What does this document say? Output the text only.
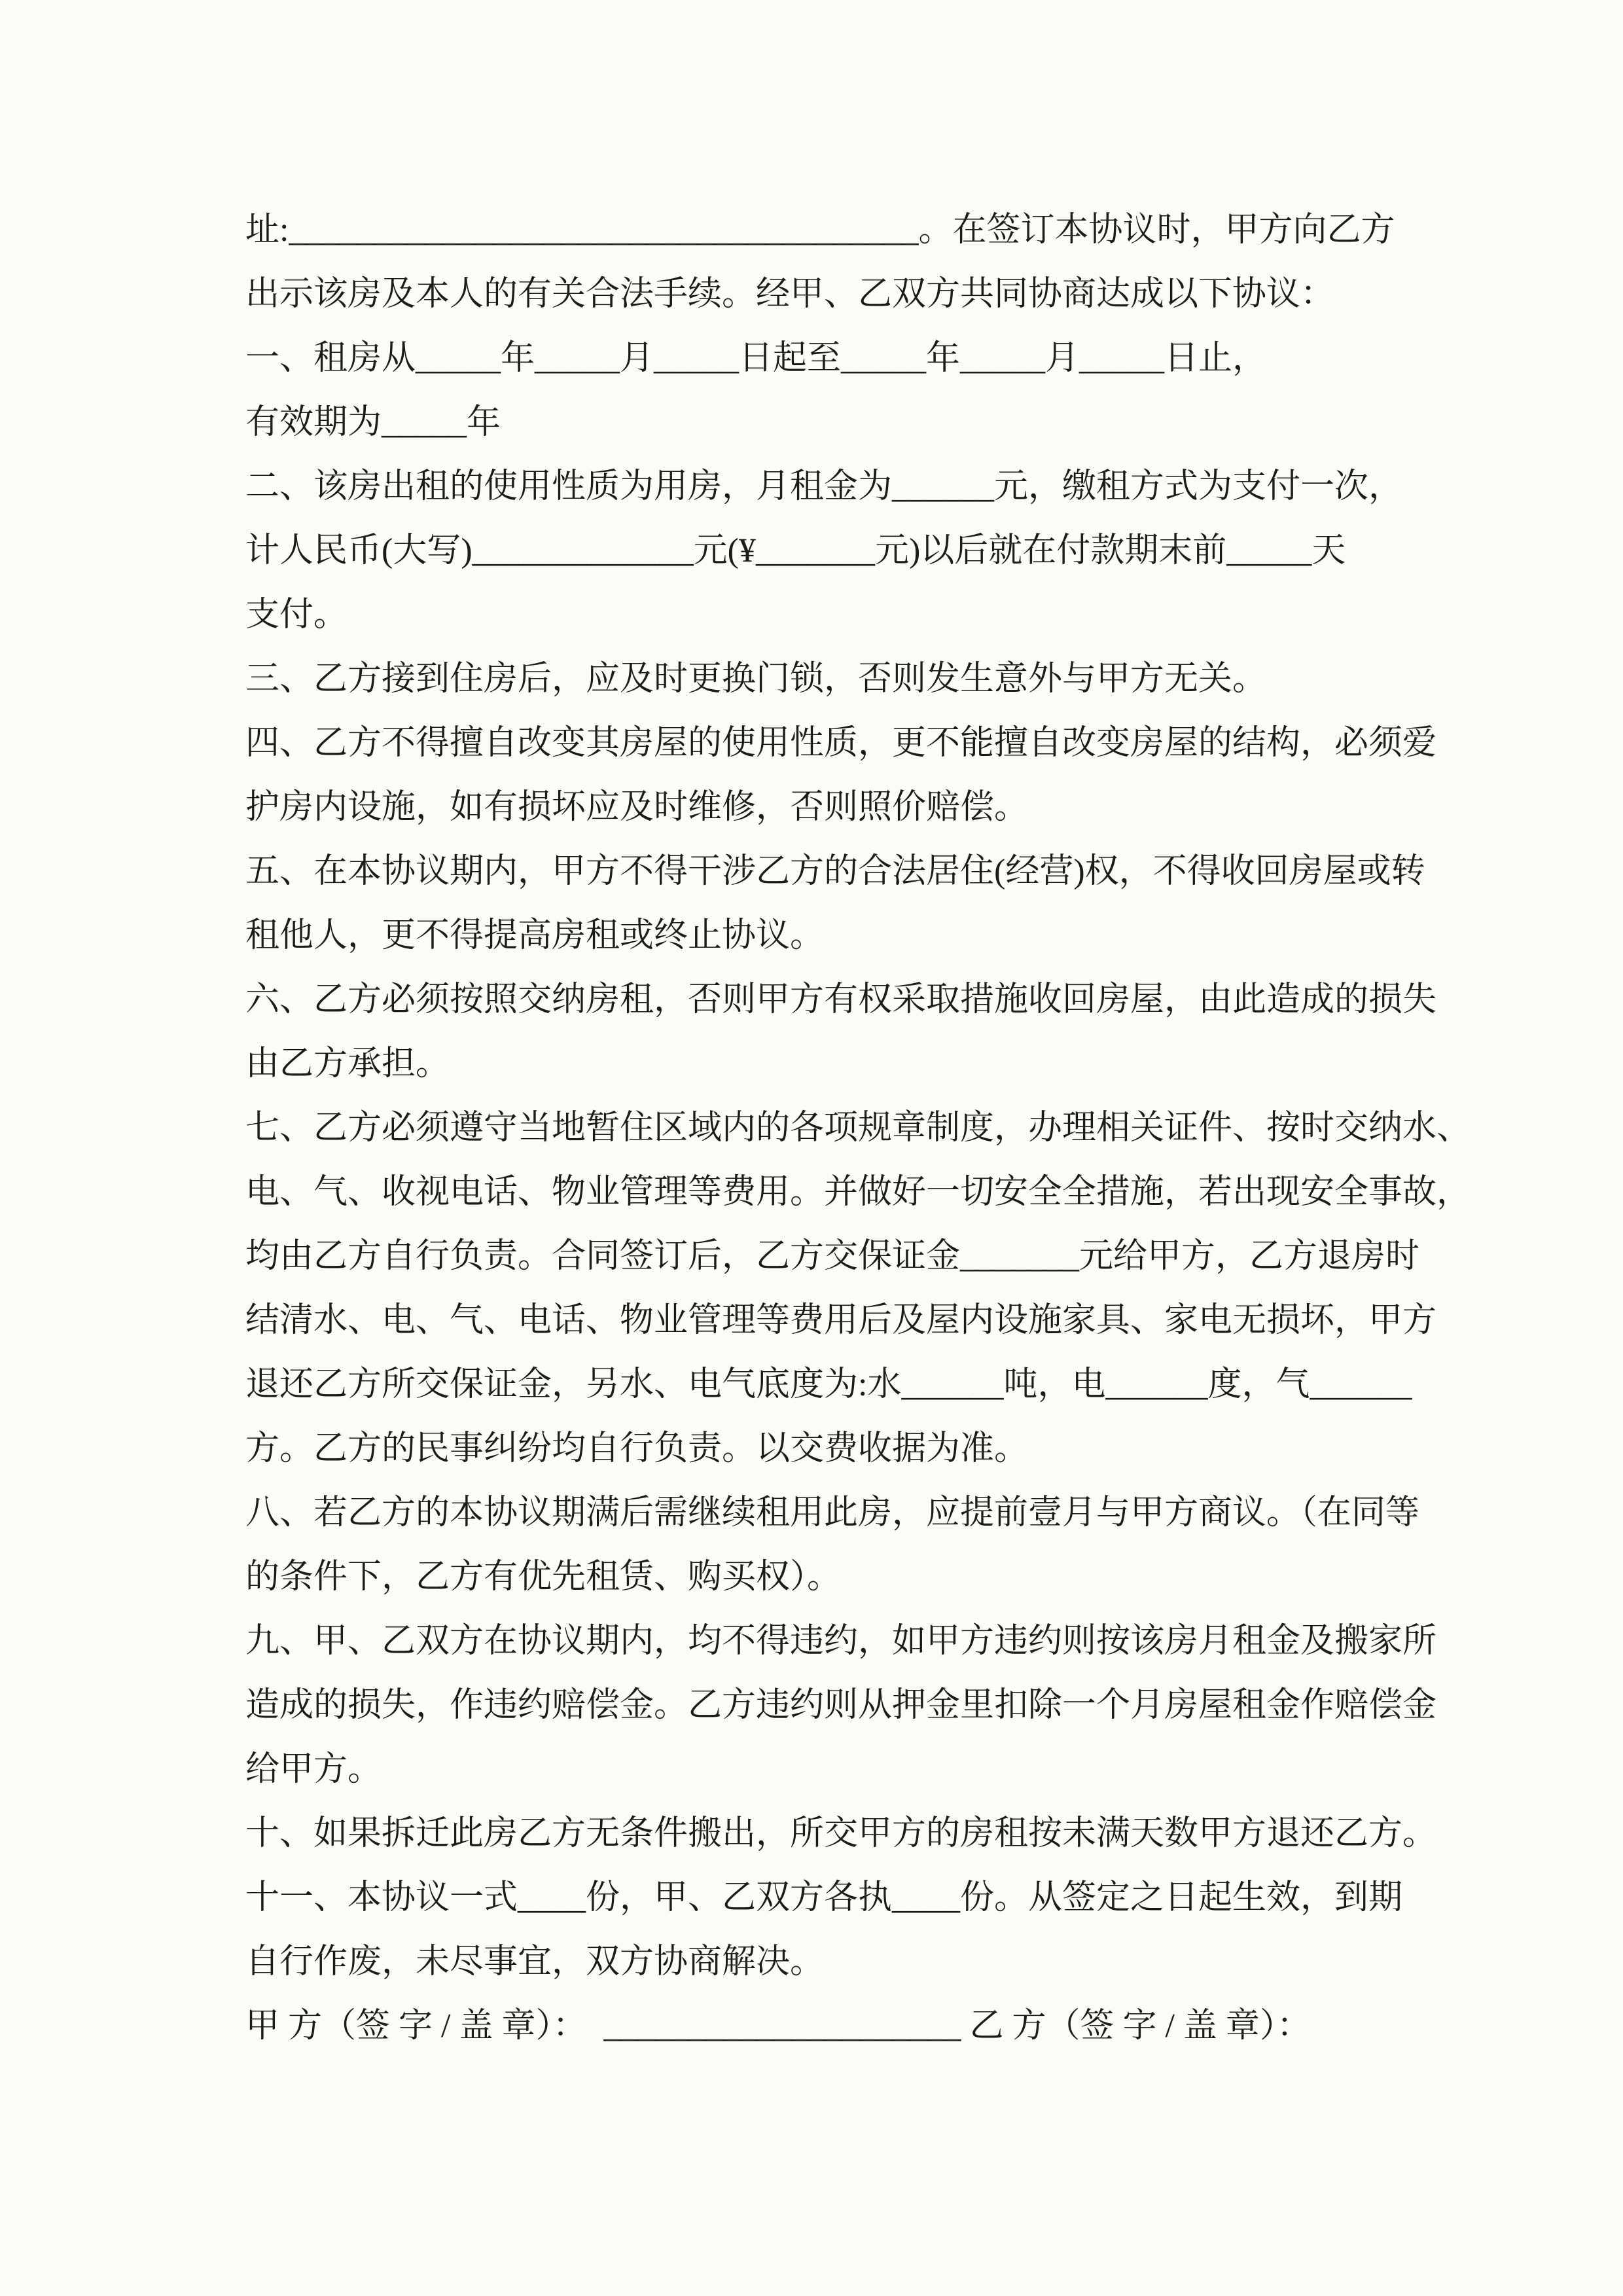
址:_____________________________________。在签订本协议时，甲方向乙方

出示该房及本人的有关合法手续。经甲、乙双方共同协商达成以下协议：

一、租房从_____年_____月_____日起至_____年_____月_____日止，

有效期为_____年

二、该房出租的使用性质为用房，月租金为______元，缴租方式为支付一次，

计人民币(大写)_____________元(¥_______元)以后就在付款期末前_____天

支付。

三、乙方接到住房后，应及时更换门锁，否则发生意外与甲方无关。

四、乙方不得擅自改变其房屋的使用性质，更不能擅自改变房屋的结构，必须爱

护房内设施，如有损坏应及时维修，否则照价赔偿。

五、在本协议期内，甲方不得干涉乙方的合法居住(经营)权，不得收回房屋或转

租他人，更不得提高房租或终止协议。

六、乙方必须按照交纳房租，否则甲方有权采取措施收回房屋，由此造成的损失

由乙方承担。

七、乙方必须遵守当地暂住区域内的各项规章制度，办理相关证件、按时交纳水、

电、气、收视电话、物业管理等费用。并做好一切安全全措施，若出现安全事故，

均由乙方自行负责。合同签订后，乙方交保证金_______元给甲方，乙方退房时

结清水、电、气、电话、物业管理等费用后及屋内设施家具、家电无损坏，甲方

退还乙方所交保证金，另水、电气底度为:水______吨，电______度，气______

方。乙方的民事纠纷均自行负责。以交费收据为准。

八、若乙方的本协议期满后需继续租用此房，应提前壹月与甲方商议。（在同等

的条件下，乙方有优先租赁、购买权）。

九、甲、乙双方在协议期内，均不得违约，如甲方违约则按该房月租金及搬家所

造成的损失，作违约赔偿金。乙方违约则从押金里扣除一个月房屋租金作赔偿金

给甲方。

十、如果拆迁此房乙方无条件搬出，所交甲方的房租按未满天数甲方退还乙方。

十一、本协议一式____份，甲、乙双方各执____份。从签定之日起生效，到期

自行作废，未尽事宜，双方协商解决。

甲 方（签 字 / 盖 章）：  _____________________ 乙 方（签 字 / 盖 章）：
